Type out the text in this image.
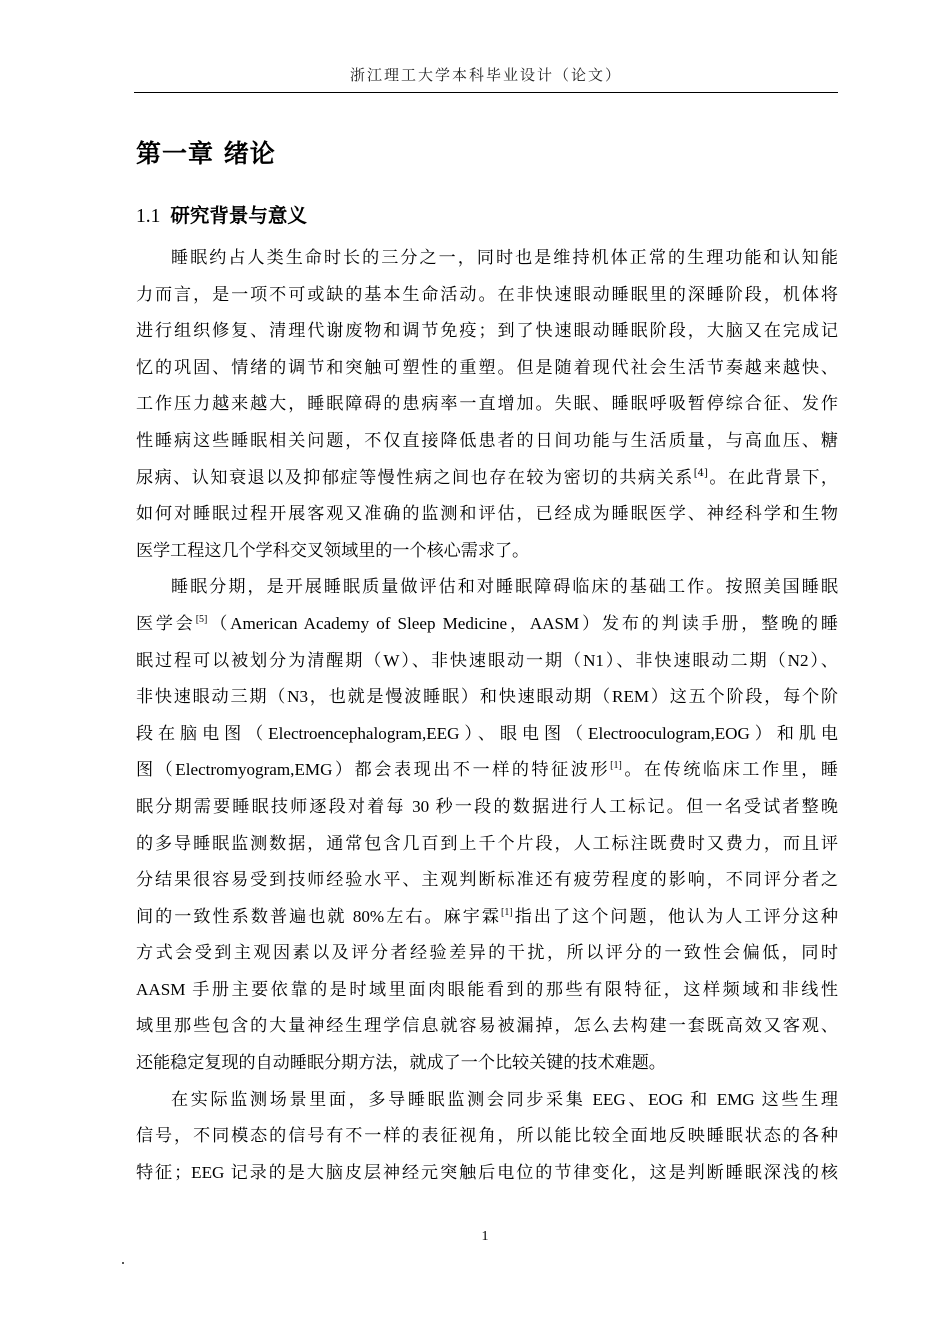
浙江理工大学本科毕业设计（论文）
第一章 绪论
1.1 研究背景与意义
睡眠约占人类生命时长的三分之一，同时也是维持机体正常的生理功能和认知能
力而言，是一项不可或缺的基本生命活动。在非快速眼动睡眠里的深睡阶段，机体将
进行组织修复、清理代谢废物和调节免疫；到了快速眼动睡眠阶段，大脑又在完成记
忆的巩固、情绪的调节和突触可塑性的重塑。但是随着现代社会生活节奏越来越快、
工作压力越来越大，睡眠障碍的患病率一直增加。失眠、睡眠呼吸暂停综合征、发作
性睡病这些睡眠相关问题，不仅直接降低患者的日间功能与生活质量，与高血压、糖
尿病、认知衰退以及抑郁症等慢性病之间也存在较为密切的共病关系[4]。在此背景下，
如何对睡眠过程开展客观又准确的监测和评估，已经成为睡眠医学、神经科学和生物
医学工程这几个学科交叉领域里的一个核心需求了。
睡眠分期，是开展睡眠质量做评估和对睡眠障碍临床的基础工作。按照美国睡眠
医学会[5]（American Academy of Sleep Medicine，AASM）发布的判读手册，整晚的睡
眠过程可以被划分为清醒期（W）、非快速眼动一期（N1）、非快速眼动二期（N2）、
非快速眼动三期（N3，也就是慢波睡眠）和快速眼动期（REM）这五个阶段，每个阶
段在脑电图（Electroencephalogram,EEG）、眼电图（Electrooculogram,EOG）和肌电
图（Electromyogram,EMG）都会表现出不一样的特征波形[1]。在传统临床工作里，睡
眠分期需要睡眠技师逐段对着每 30 秒一段的数据进行人工标记。但一名受试者整晚
的多导睡眠监测数据，通常包含几百到上千个片段，人工标注既费时又费力，而且评
分结果很容易受到技师经验水平、主观判断标准还有疲劳程度的影响，不同评分者之
间的一致性系数普遍也就 80%左右。麻宇霖[1]指出了这个问题，他认为人工评分这种
方式会受到主观因素以及评分者经验差异的干扰，所以评分的一致性会偏低，同时
AASM 手册主要依靠的是时域里面肉眼能看到的那些有限特征，这样频域和非线性
域里那些包含的大量神经生理学信息就容易被漏掉，怎么去构建一套既高效又客观、
还能稳定复现的自动睡眠分期方法，就成了一个比较关键的技术难题。
在实际监测场景里面，多导睡眠监测会同步采集 EEG、EOG 和 EMG 这些生理
信号，不同模态的信号有不一样的表征视角，所以能比较全面地反映睡眠状态的各种
特征；EEG 记录的是大脑皮层神经元突触后电位的节律变化，这是判断睡眠深浅的核
1
